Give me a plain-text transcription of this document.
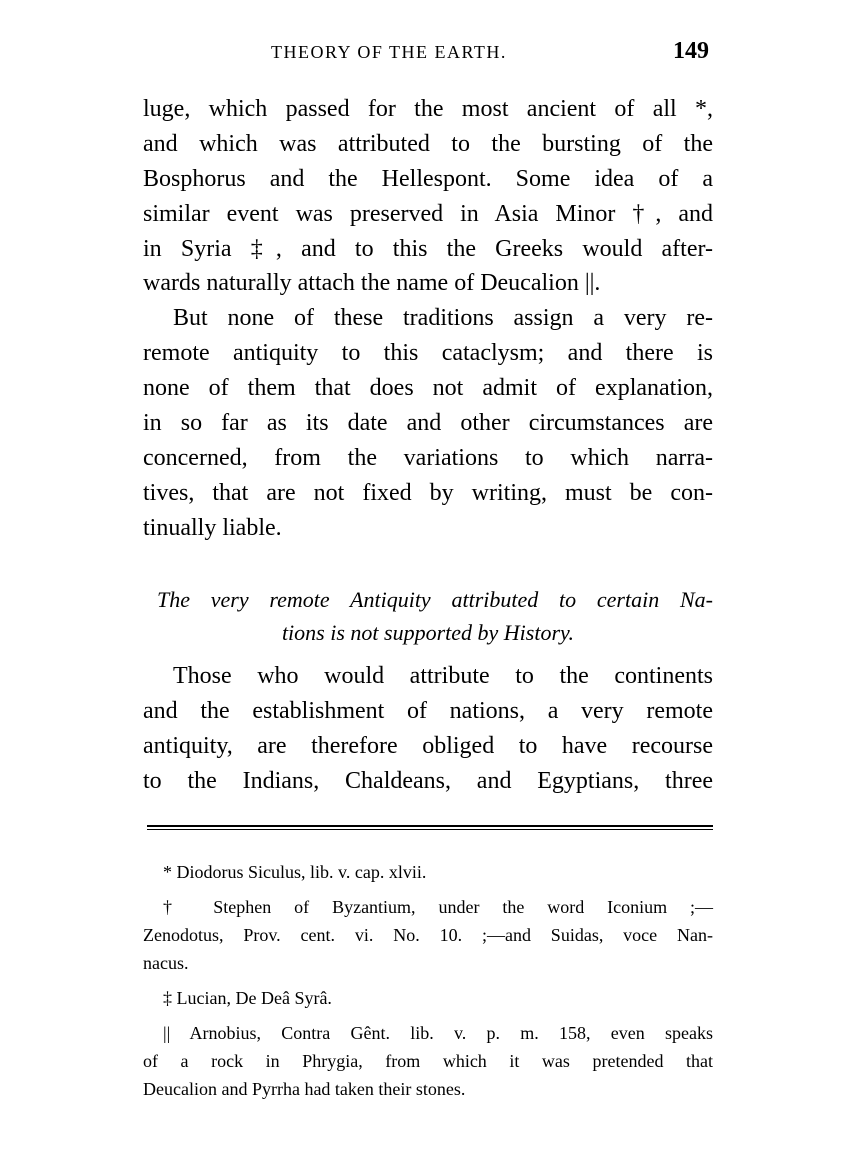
THEORY OF THE EARTH.	149
luge, which passed for the most ancient of all *,
and which was attributed to the bursting of the
Bosphorus and the Hellespont. Some idea of a
similar event was preserved in Asia Minor †, and
in Syria ‡, and to this the Greeks would after-
wards naturally attach the name of Deucalion ||.
But none of these traditions assign a very re-
remote antiquity to this cataclysm; and there is
none of them that does not admit of explanation,
in so far as its date and other circumstances are
concerned, from the variations to which narra-
tives, that are not fixed by writing, must be con-
tinually liable.
The very remote Antiquity attributed to certain Na-
tions is not supported by History.
Those who would attribute to the continents
and the establishment of nations, a very remote
antiquity, are therefore obliged to have recourse
to the Indians, Chaldeans, and Egyptians, three
* Diodorus Siculus, lib. v. cap. xlvii.
† Stephen of Byzantium, under the word Iconium ;—
Zenodotus, Prov. cent. vi. No. 10. ;—and Suidas, voce Nan-
nacus.
‡ Lucian, De Deâ Syrâ.
|| Arnobius, Contra Gênt. lib. v. p. m. 158, even speaks
of a rock in Phrygia, from which it was pretended that
Deucalion and Pyrrha had taken their stones.
